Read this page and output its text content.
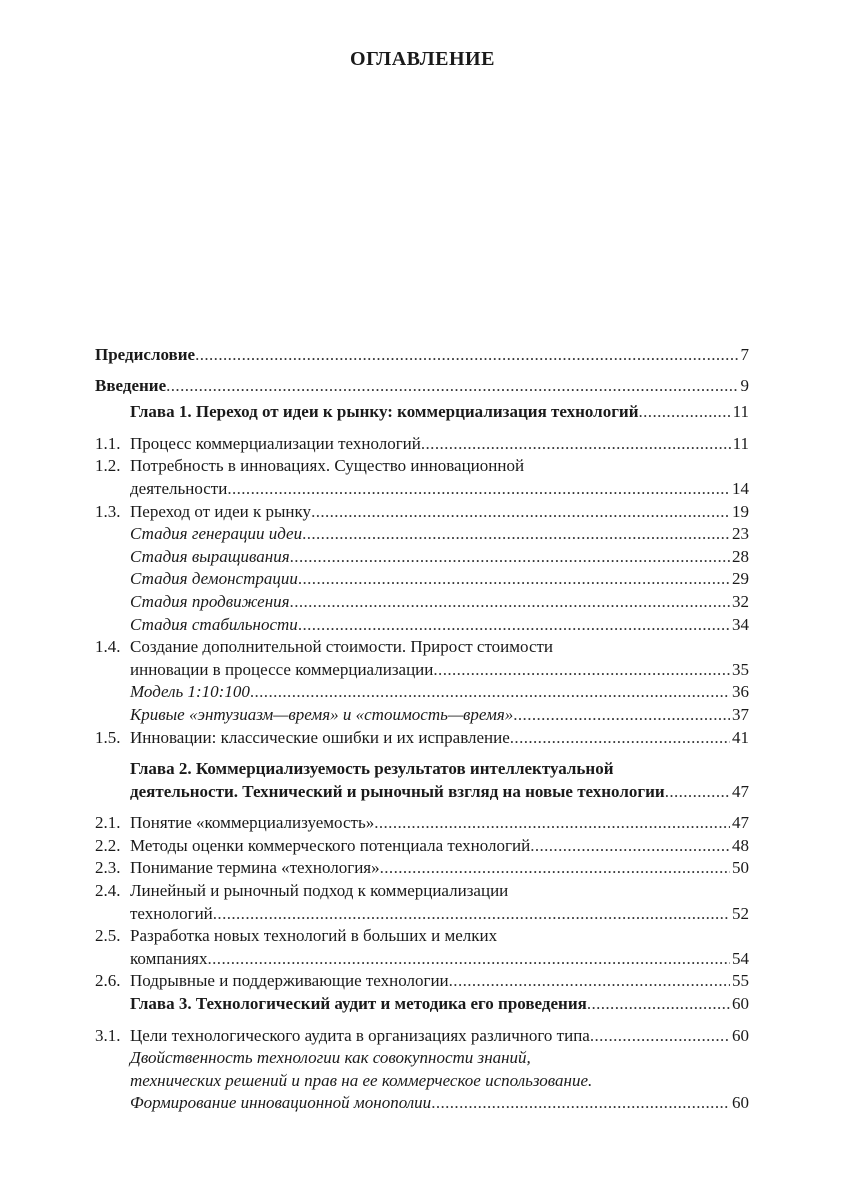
ОГЛАВЛЕНИЕ
Предисловие .....	7
Введение .....	9
Глава 1. Переход от идеи к рынку: коммерциализация технологий .....	11
1.1. Процесс коммерциализации технологий .....	11
1.2. Потребность в инновациях. Существо инновационной
деятельности .....	14
1.3. Переход от идеи к рынку .....	19
Стадия генерации идеи .....	23
Стадия выращивания .....	28
Стадия демонстрации .....	29
Стадия продвижения .....	32
Стадия стабильности .....	34
1.4. Создание дополнительной стоимости. Прирост стоимости
инновации в процессе коммерциализации .....	35
Модель 1:10:100 .....	36
Кривые «энтузиазм—время» и «стоимость—время» .....	37
1.5. Инновации: классические ошибки и их исправление .....	41
Глава 2. Коммерциализуемость результатов интеллектуальной
деятельности. Технический и рыночный взгляд на новые технологии .....	47
2.1. Понятие «коммерциализуемость» .....	47
2.2. Методы оценки коммерческого потенциала технологий .....	48
2.3. Понимание термина «технология» .....	50
2.4. Линейный и рыночный подход к коммерциализации
технологий .....	52
2.5. Разработка новых технологий в больших и мелких
компаниях .....	54
2.6. Подрывные и поддерживающие технологии .....	55
Глава 3. Технологический аудит и методика его проведения .....	60
3.1. Цели технологического аудита в организациях различного типа .....	60
Двойственность технологии как совокупности знаний,
технических решений и прав на ее коммерческое использование.
Формирование инновационной монополии .....	60
